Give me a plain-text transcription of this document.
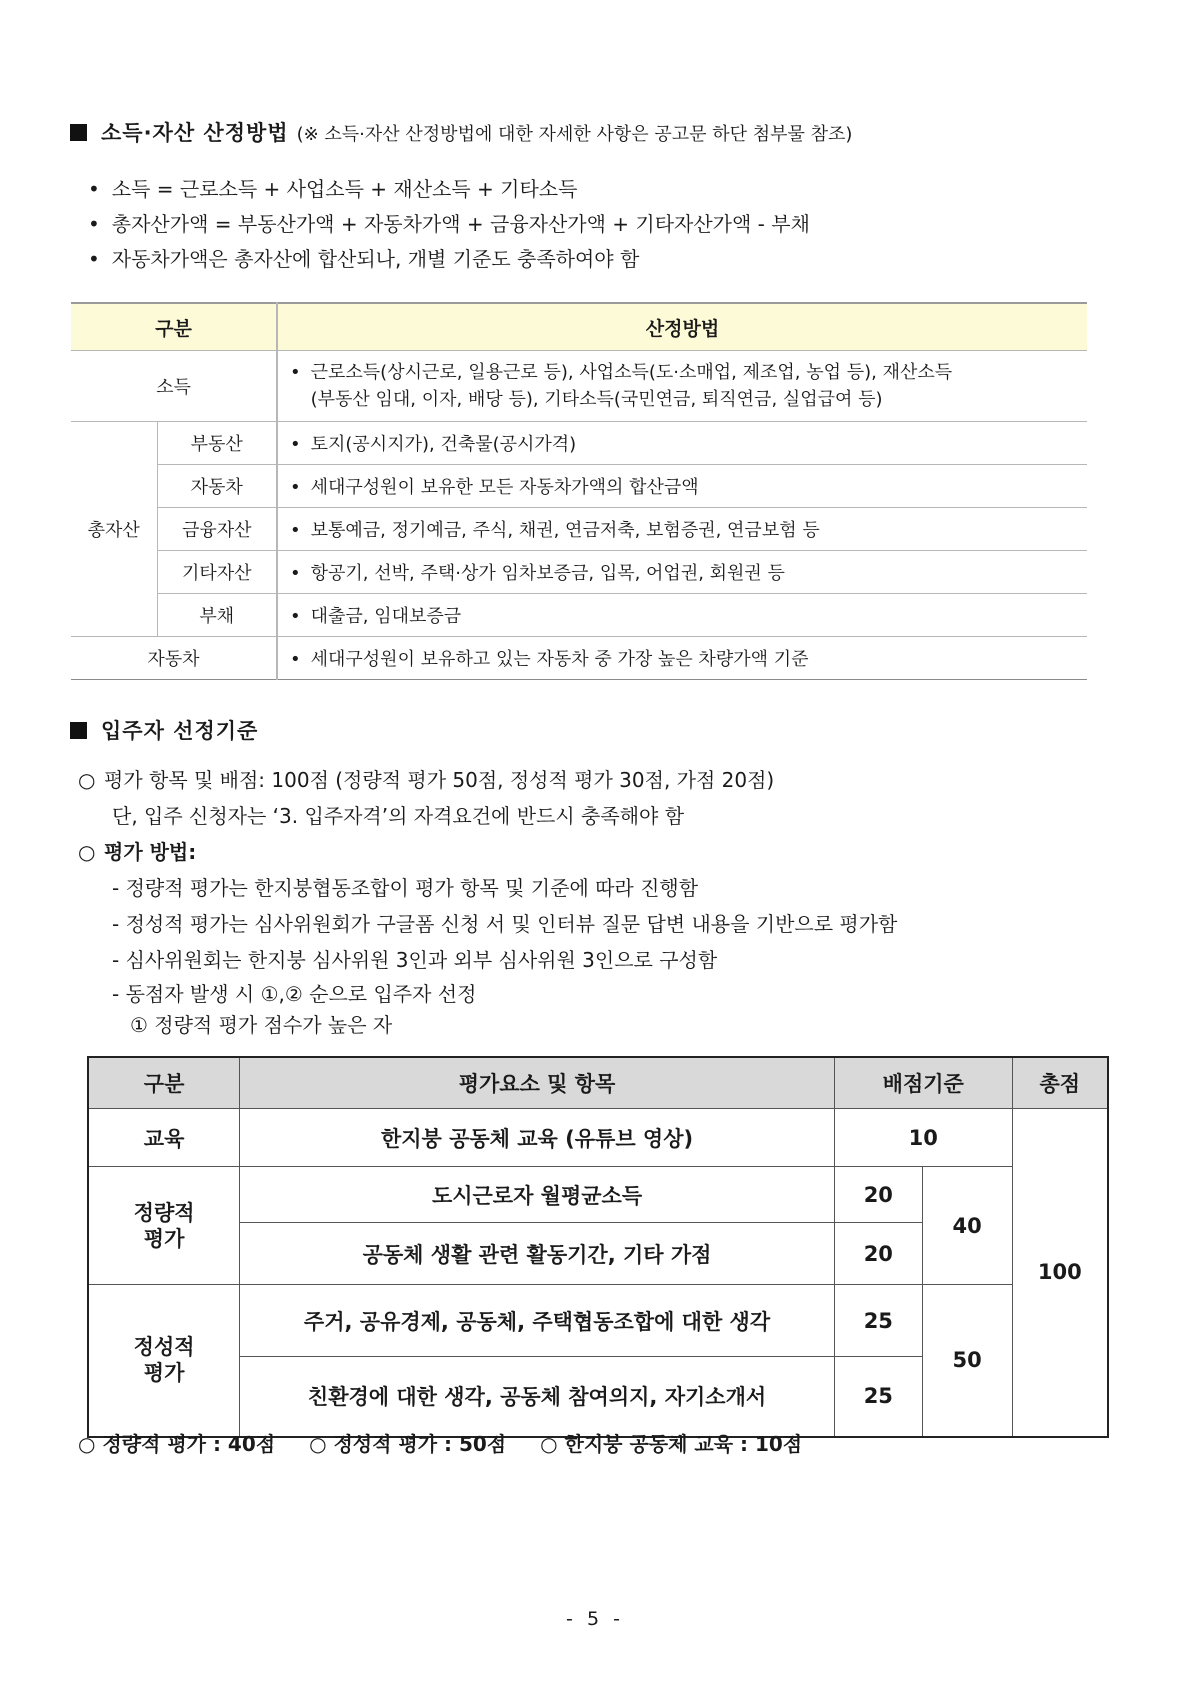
소득·자산 산정방법 (※ 소득·자산 산정방법에 대한 자세한 사항은 공고문 하단 첨부물 참조)
• 소득 = 근로소득 + 사업소득 + 재산소득 + 기타소득
• 총자산가액 = 부동산가액 + 자동차가액 + 금융자산가액 + 기타자산가액 - 부채
• 자동차가액은 총자산에 합산되나, 개별 기준도 충족하여야 함
구분		산정방법
소득		• 근로소득(상시근로, 일용근로 등), 사업소득(도·소매업, 제조업, 농업 등), 재산소득
(부동산 임대, 이자, 배당 등), 기타소득(국민연금, 퇴직연금, 실업급여 등)

총자산	부동산	• 토지(공시지가), 건축물(공시가격)
	자동차	• 세대구성원이 보유한 모든 자동차가액의 합산금액
	금융자산	• 보통예금, 정기예금, 주식, 채권, 연금저축, 보험증권, 연금보험 등
	기타자산	• 항공기, 선박, 주택·상가 임차보증금, 입목, 어업권, 회원권 등
	부채	• 대출금, 임대보증금
자동차		• 세대구성원이 보유하고 있는 자동차 중 가장 높은 차량가액 기준
입주자 선정기준
○ 평가 항목 및 배점: 100점 (정량적 평가 50점, 정성적 평가 30점, 가점 20점)
단, 입주 신청자는 ‘3. 입주자격’의 자격요건에 반드시 충족해야 함
○ 평가 방법:
- 정량적 평가는 한지붕협동조합이 평가 항목 및 기준에 따라 진행함
- 정성적 평가는 심사위원회가 구글폼 신청 서 및 인터뷰 질문 답변 내용을 기반으로 평가함
- 심사위원회는 한지붕 심사위원 3인과 외부 심사위원 3인으로 구성함
- 동점자 발생 시 ①,② 순으로 입주자 선정
① 정량적 평가 점수가 높은 자
구분	평가요소 및 항목	배점기준		총점
교육	한지붕 공동체 교육 (유튜브 영상)	10		100
정량적
평가	도시근로자 월평균소득	20	40	
	공동체 생활 관련 활동기간, 기타 가점	20		
정성적
평가	주거, 공유경제, 공동체, 주택협동조합에 대한 생각	25	50	
	친환경에 대한 생각, 공동체 참여의지, 자기소개서	25		
○ 정량적 평가 : 40점 ○ 정성적 평가 : 50점 ○ 한지붕 공동체 교육 : 10점
- 5 -
